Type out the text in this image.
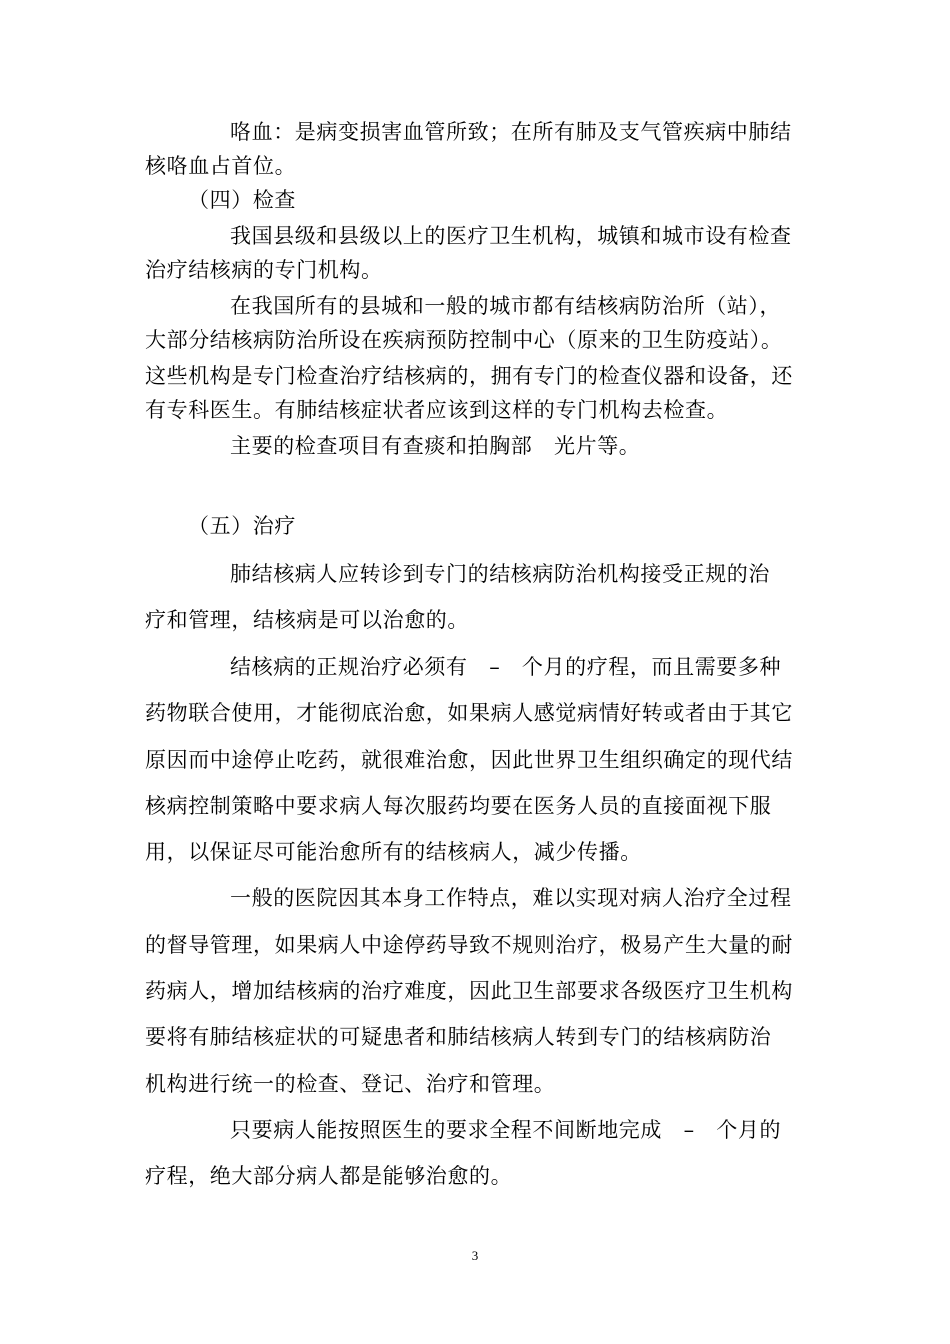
咯血：是病变损害血管所致；在所有肺及支气管疾病中肺结
核咯血占首位。
（四）检查
我国县级和县级以上的医疗卫生机构，城镇和城市设有检查
治疗结核病的专门机构。
在我国所有的县城和一般的城市都有结核病防治所（站），
大部分结核病防治所设在疾病预防控制中心（原来的卫生防疫站）。
这些机构是专门检查治疗结核病的，拥有专门的检查仪器和设备，还
有专科医生。有肺结核症状者应该到这样的专门机构去检查。
主要的检查项目有查痰和拍胸部　光片等。
（五）治疗
肺结核病人应转诊到专门的结核病防治机构接受正规的治
疗和管理，结核病是可以治愈的。
结核病的正规治疗必须有　–　个月的疗程，而且需要多种
药物联合使用，才能彻底治愈，如果病人感觉病情好转或者由于其它
原因而中途停止吃药，就很难治愈，因此世界卫生组织确定的现代结
核病控制策略中要求病人每次服药均要在医务人员的直接面视下服
用，以保证尽可能治愈所有的结核病人，减少传播。
一般的医院因其本身工作特点，难以实现对病人治疗全过程
的督导管理，如果病人中途停药导致不规则治疗，极易产生大量的耐
药病人，增加结核病的治疗难度，因此卫生部要求各级医疗卫生机构
要将有肺结核症状的可疑患者和肺结核病人转到专门的结核病防治
机构进行统一的检查、登记、治疗和管理。
只要病人能按照医生的要求全程不间断地完成　–　个月的
疗程，绝大部分病人都是能够治愈的。
3
